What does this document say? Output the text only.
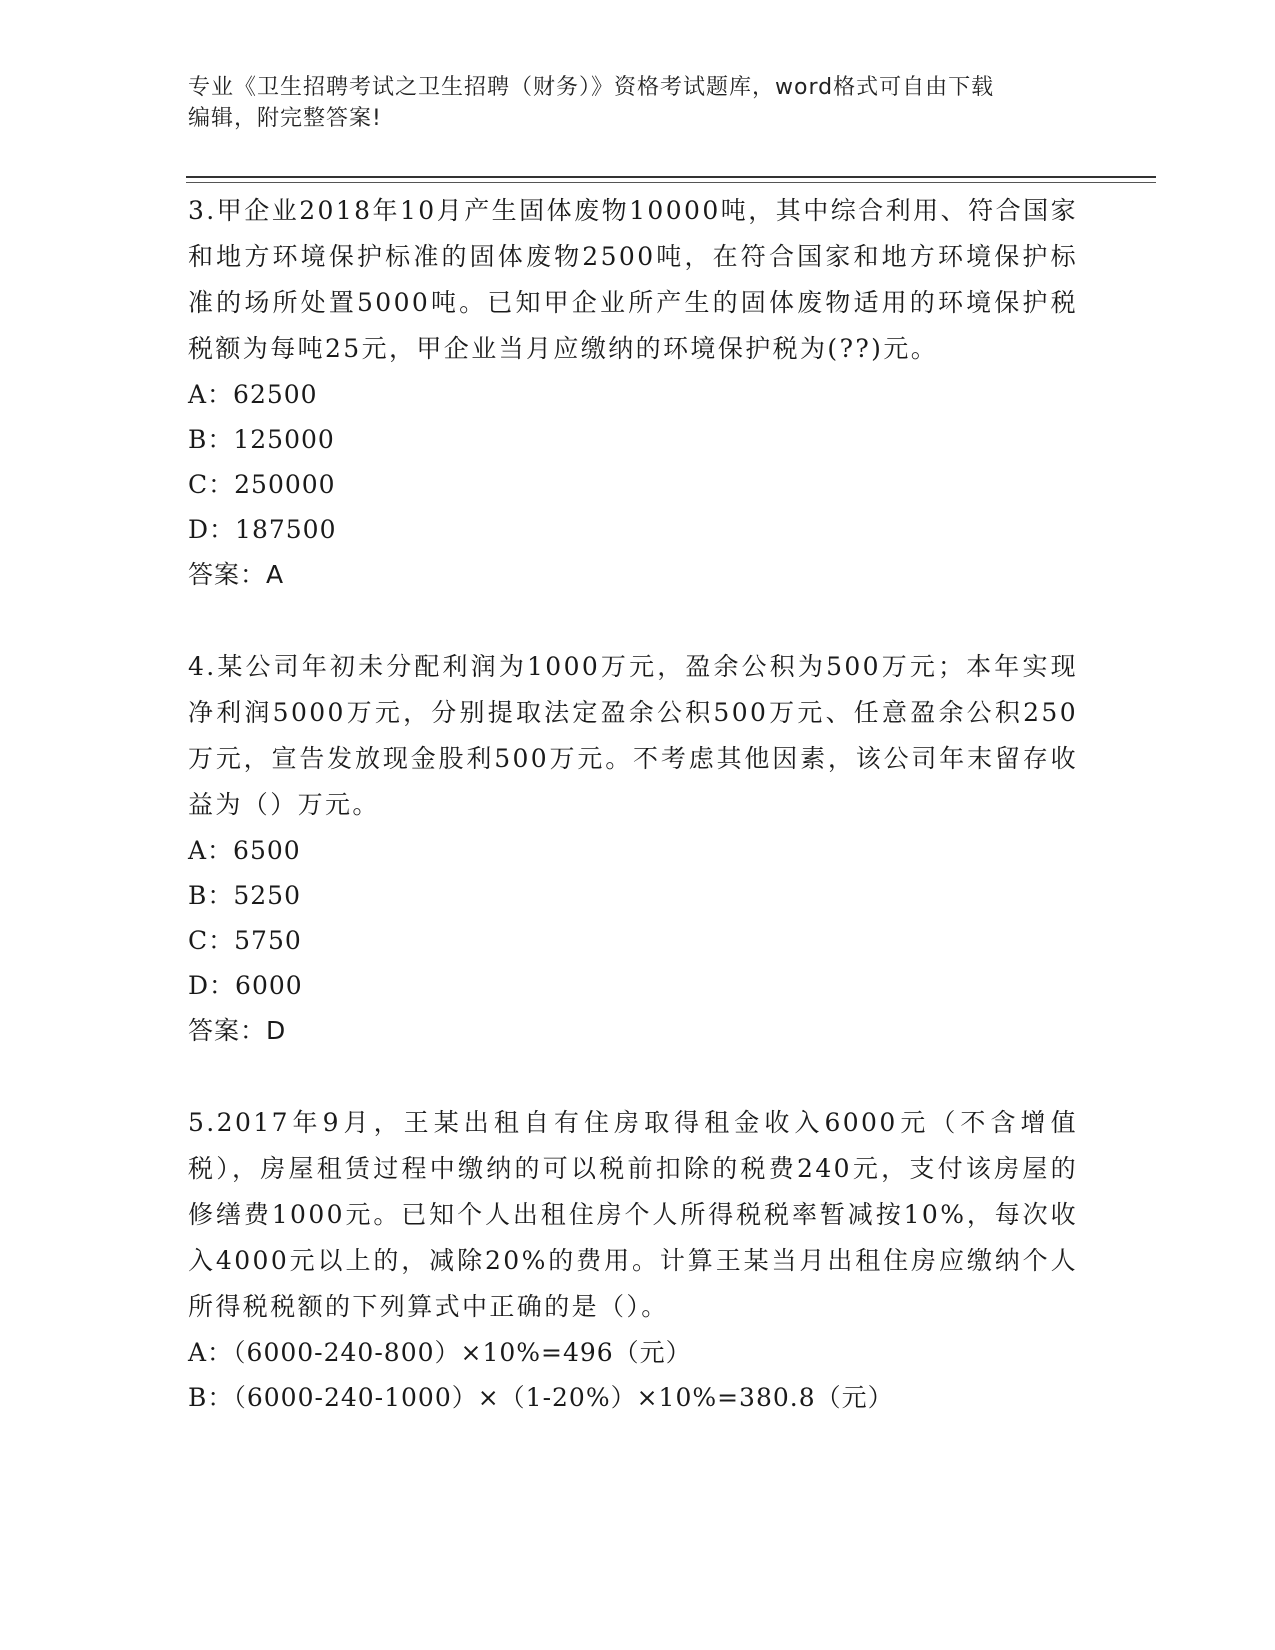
专业《卫生招聘考试之卫生招聘（财务）》资格考试题库，word格式可自由下载
编辑，附完整答案!

3.甲企业2018年10月产生固体废物10000吨，其中综合利用、符合国家和地方环境保护标准的固体废物2500吨，在符合国家和地方环境保护标准的场所处置5000吨。已知甲企业所产生的固体废物适用的环境保护税税额为每吨25元，甲企业当月应缴纳的环境保护税为(??)元。

A：62500

B：125000

C：250000

D：187500

答案：A

4.某公司年初未分配利润为1000万元，盈余公积为500万元；本年实现净利润5000万元，分别提取法定盈余公积500万元、任意盈余公积250万元，宣告发放现金股利500万元。不考虑其他因素，该公司年末留存收益为（）万元。

A：6500

B：5250

C：5750

D：6000

答案：D

5.2017年9月，王某出租自有住房取得租金收入6000元（不含增值税），房屋租赁过程中缴纳的可以税前扣除的税费240元，支付该房屋的修缮费1000元。已知个人出租住房个人所得税税率暂减按10%，每次收入4000元以上的，减除20%的费用。计算王某当月出租住房应缴纳个人所得税税额的下列算式中正确的是（）。

A：（6000-240-800）×10%=496（元）

B：（6000-240-1000）×（1-20%）×10%=380.8（元）
